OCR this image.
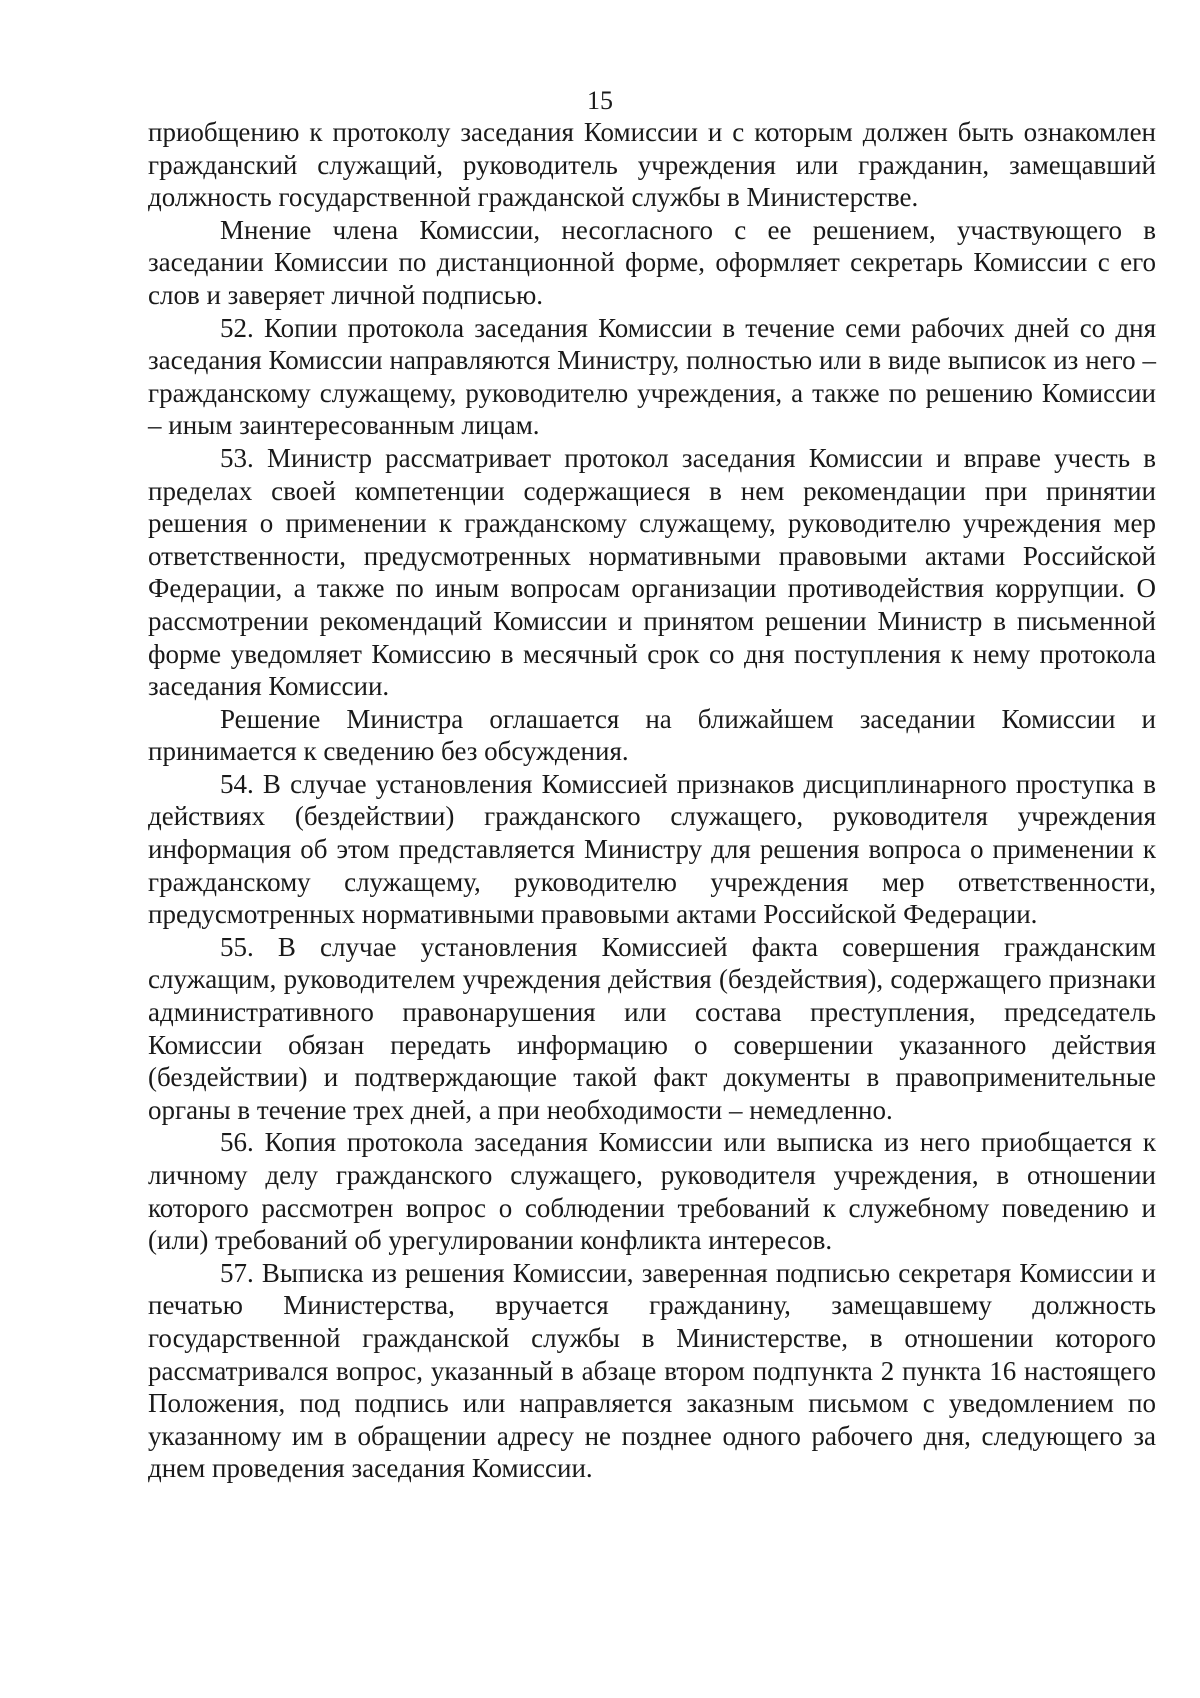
15

приобщению к протоколу заседания Комиссии и с которым должен быть ознакомлен гражданский служащий, руководитель учреждения или гражданин, замещавший должность государственной гражданской службы в Министерстве.

Мнение члена Комиссии, несогласного с ее решением, участвующего в заседании Комиссии по дистанционной форме, оформляет секретарь Комиссии с его слов и заверяет личной подписью.

52. Копии протокола заседания Комиссии в течение семи рабочих дней со дня заседания Комиссии направляются Министру, полностью или в виде выписок из него – гражданскому служащему, руководителю учреждения, а также по решению Комиссии – иным заинтересованным лицам.

53. Министр рассматривает протокол заседания Комиссии и вправе учесть в пределах своей компетенции содержащиеся в нем рекомендации при принятии решения о применении к гражданскому служащему, руководителю учреждения мер ответственности, предусмотренных нормативными правовыми актами Российской Федерации, а также по иным вопросам организации противодействия коррупции. О рассмотрении рекомендаций Комиссии и принятом решении Министр в письменной форме уведомляет Комиссию в месячный срок со дня поступления к нему протокола заседания Комиссии.

Решение Министра оглашается на ближайшем заседании Комиссии и принимается к сведению без обсуждения.

54. В случае установления Комиссией признаков дисциплинарного проступка в действиях (бездействии) гражданского служащего, руководителя учреждения информация об этом представляется Министру для решения вопроса о применении к гражданскому служащему, руководителю учреждения мер ответственности, предусмотренных нормативными правовыми актами Российской Федерации.

55. В случае установления Комиссией факта совершения гражданским служащим, руководителем учреждения действия (бездействия), содержащего признаки административного правонарушения или состава преступления, председатель Комиссии обязан передать информацию о совершении указанного действия (бездействии) и подтверждающие такой факт документы в правоприменительные органы в течение трех дней, а при необходимости – немедленно.

56. Копия протокола заседания Комиссии или выписка из него приобщается к личному делу гражданского служащего, руководителя учреждения, в отношении которого рассмотрен вопрос о соблюдении требований к служебному поведению и (или) требований об урегулировании конфликта интересов.

57. Выписка из решения Комиссии, заверенная подписью секретаря Комиссии и печатью Министерства, вручается гражданину, замещавшему должность государственной гражданской службы в Министерстве, в отношении которого рассматривался вопрос, указанный в абзаце втором подпункта 2 пункта 16 настоящего Положения, под подпись или направляется заказным письмом с уведомлением по указанному им в обращении адресу не позднее одного рабочего дня, следующего за днем проведения заседания Комиссии.
